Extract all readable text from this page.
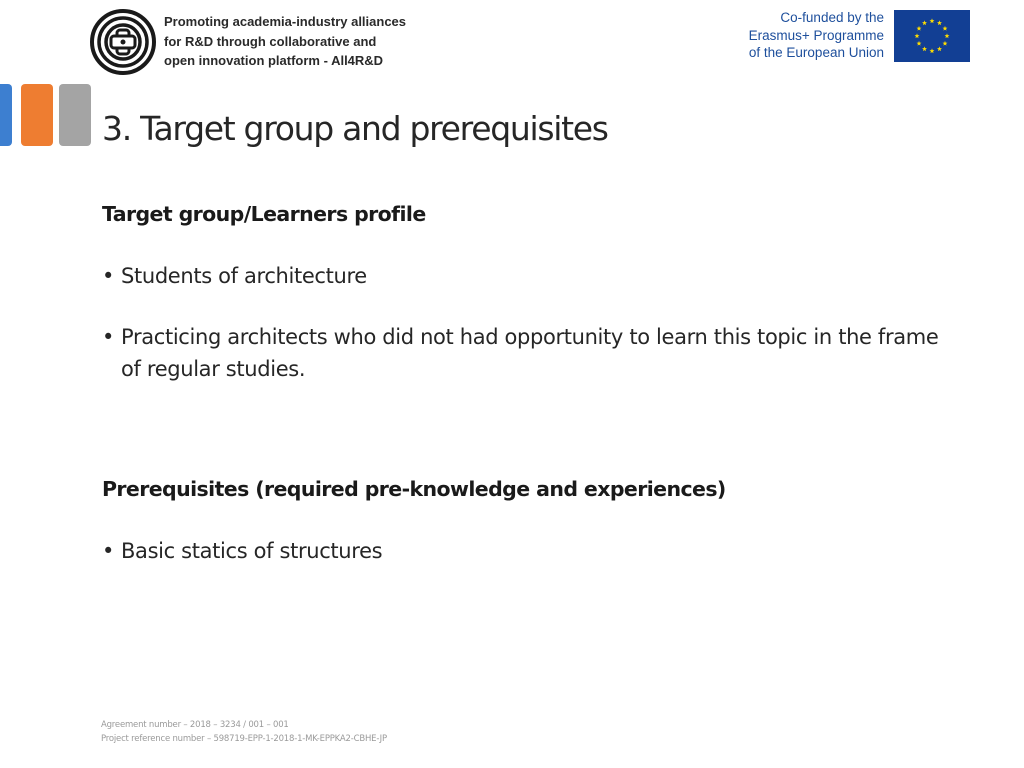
Promoting academia-industry alliances
for R&D through collaborative and
open innovation platform - All4R&D
Co-funded by the
Erasmus+ Programme
of the European Union
3. Target group and prerequisites
Target group/Learners profile

• Students of architecture

• Practicing architects who did not had opportunity to learn this topic in the frame of regular studies.

Prerequisites (required pre-knowledge and experiences)

• Basic statics of structures

Agreement number – 2018 – 3234 / 001 – 001
Project reference number – 598719-EPP-1-2018-1-MK-EPPKA2-CBHE-JP
